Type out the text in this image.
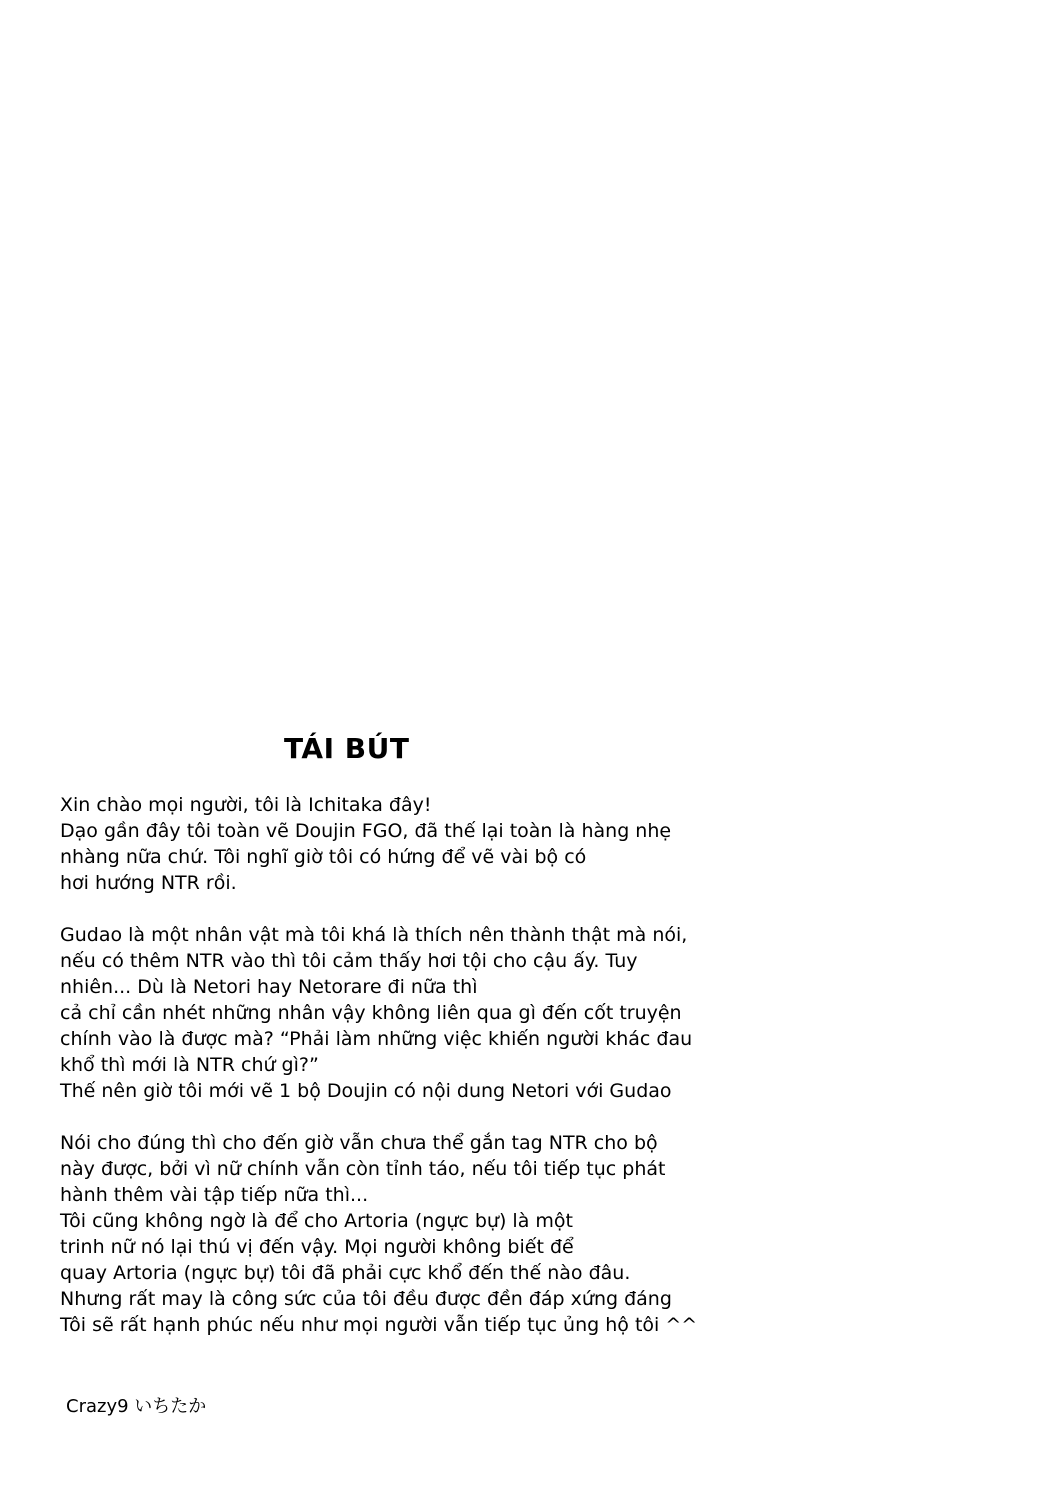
TÁI BÚT

Xin chào mọi người, tôi là Ichitaka đây!
Dạo gần đây tôi toàn vẽ Doujin FGO, đã thế lại toàn là hàng nhẹ
nhàng nữa chứ. Tôi nghĩ giờ tôi có hứng để vẽ vài bộ có
hơi hướng NTR rồi.

Gudao là một nhân vật mà tôi khá là thích nên thành thật mà nói,
nếu có thêm NTR vào thì tôi cảm thấy hơi tội cho cậu ấy. Tuy
nhiên... Dù là Netori hay Netorare đi nữa thì
cả chỉ cần nhét những nhân vậy không liên qua gì đến cốt truyện
chính vào là được mà? “Phải làm những việc khiến người khác đau
khổ thì mới là NTR chứ gì?”
Thế nên giờ tôi mới vẽ 1 bộ Doujin có nội dung Netori với Gudao

Nói cho đúng thì cho đến giờ vẫn chưa thể gắn tag NTR cho bộ
này được, bởi vì nữ chính vẫn còn tỉnh táo, nếu tôi tiếp tục phát
hành thêm vài tập tiếp nữa thì...
Tôi cũng không ngờ là để cho Artoria (ngực bự) là một
trinh nữ nó lại thú vị đến vậy. Mọi người không biết để
quay Artoria (ngực bự) tôi đã phải cực khổ đến thế nào đâu.
Nhưng rất may là công sức của tôi đều được đền đáp xứng đáng
Tôi sẽ rất hạnh phúc nếu như mọi người vẫn tiếp tục ủng hộ tôi ^^

Crazy9 いちたか
